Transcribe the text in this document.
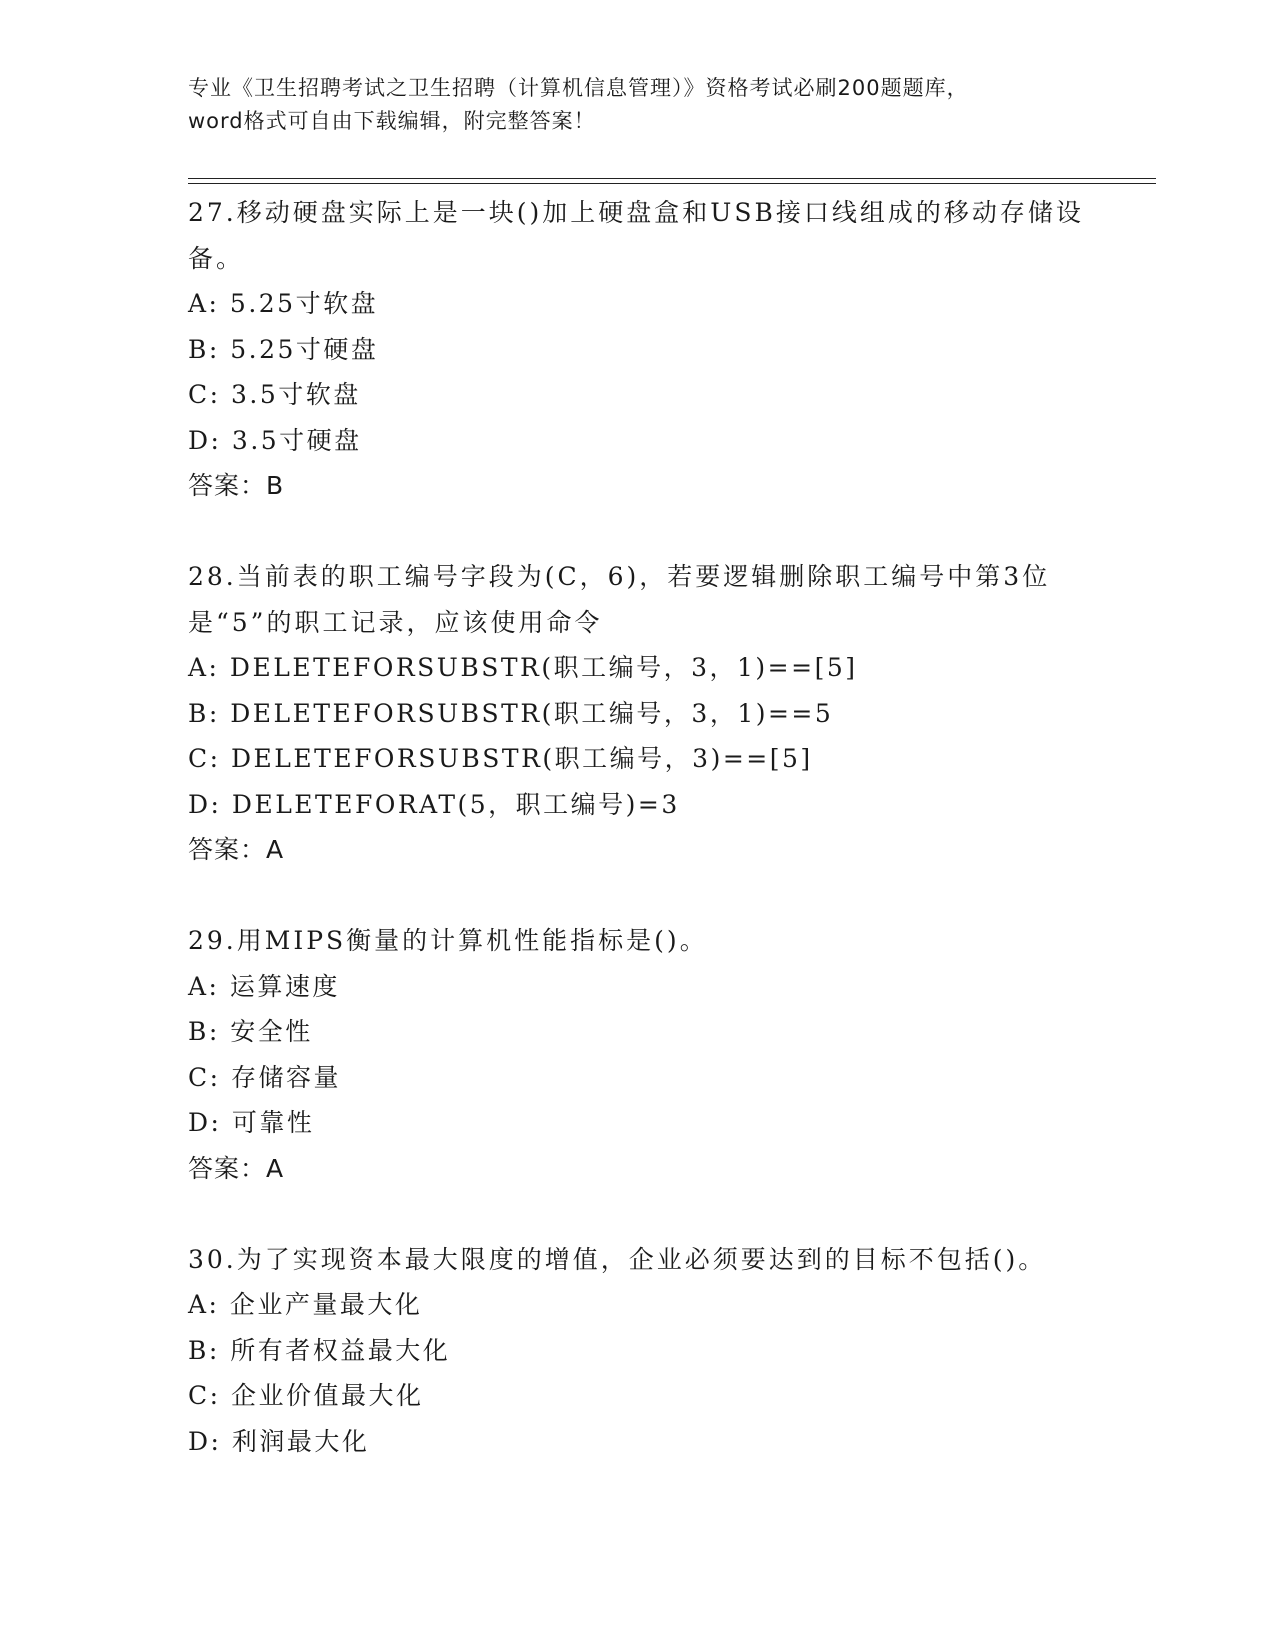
专业《卫生招聘考试之卫生招聘（计算机信息管理）》资格考试必刷200题题库，

word格式可自由下载编辑，附完整答案！

27.移动硬盘实际上是一块()加上硬盘盒和USB接口线组成的移动存储设备。

A: 5.25寸软盘

B: 5.25寸硬盘

C: 3.5寸软盘

D: 3.5寸硬盘

答案：B

28.当前表的职工编号字段为(C，6)，若要逻辑删除职工编号中第3位是“5”的职工记录，应该使用命令

A: DELETEFORSUBSTR(职工编号，3，1)==[5]

B: DELETEFORSUBSTR(职工编号，3，1)==5

C: DELETEFORSUBSTR(职工编号，3)==[5]

D: DELETEFORAT(5，职工编号)=3

答案：A

29.用MIPS衡量的计算机性能指标是()。

A: 运算速度

B: 安全性

C: 存储容量

D: 可靠性

答案：A

30.为了实现资本最大限度的增值，企业必须要达到的目标不包括()。

A: 企业产量最大化

B: 所有者权益最大化

C: 企业价值最大化

D: 利润最大化
